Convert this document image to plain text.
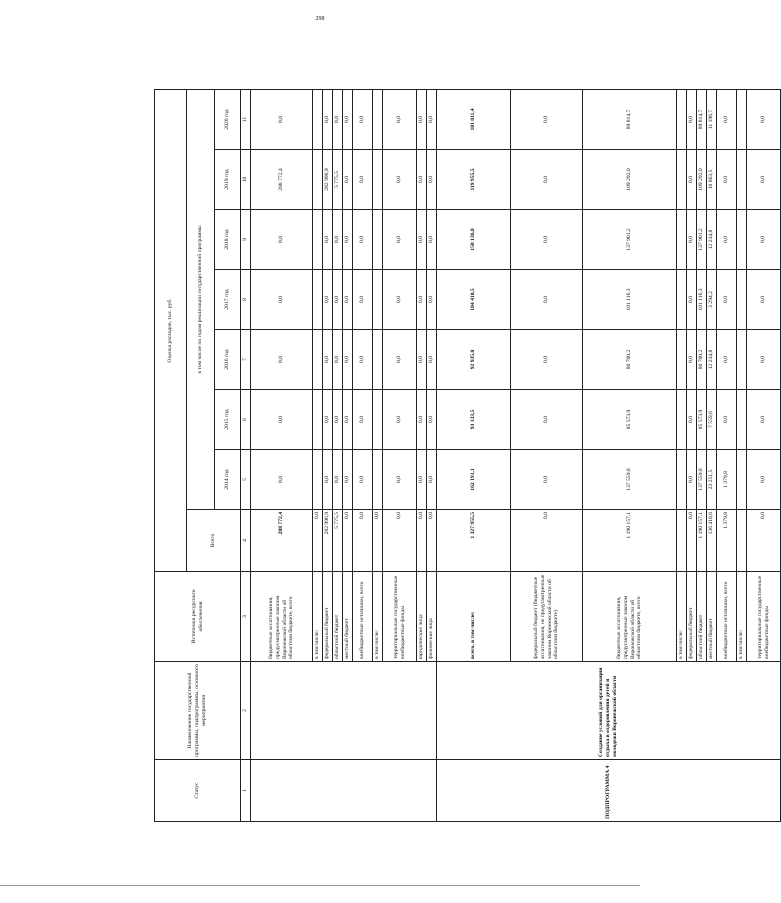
298
Статус	Наименование государственной программы, подпрограммы, основного мероприятия	Источники ресурсного обеспечения	Оценка расходов, тыс. руб.							
			Всего	в том числе по годам реализации государственной программы						
				2014 год	2015 год	2016 год	2017 год	2018 год	2019 год	2020 год
1	2	3	4	5	6	7	8	9	10	11
		бюджетные ассигнования, предусмотренные законом Воронежской области об областном бюджете, всего	288 772,4	0,0	0,0	0,0	0,0	0,0	288 772,4	0,0
		в том числе:	0,0							
		федеральный бюджет	282 996,9	0,0	0,0	0,0	0,0	0,0	282 996,9	0,0
		областной бюджет	5 775,5	0,0	0,0	0,0	0,0	0,0	5 775,5	0,0
		местный бюджет	0,0	0,0	0,0	0,0	0,0	0,0	0,0	0,0
		внебюджетные источники, всего	0,0	0,0	0,0	0,0	0,0	0,0	0,0	0,0
		в том числе:	0,0							
		территориальные государственные внебюджетные фонды	0,0	0,0	0,0	0,0	0,0	0,0	0,0	0,0
		юридические лица	0,0	0,0	0,0	0,0	0,0	0,0	0,0	0,0
		физические лица	0,0	0,0	0,0	0,0	0,0	0,0	0,0	0,0
ПОДПРОГРАММА 4	Создание условий для организации отдыха и оздоровления детей и молодежи Воронежской области	всего, в том числе:	1 327 955,5	162 191,1	93 133,5	92 935,0	104 410,5	150 136,0	119 955,5	101 011,4
		федеральный бюджет (бюджетные ассигнования, не предусмотренные законом Воронежской области об областном бюджете)	0,0	0,0	0,0	0,0	0,0	0,0	0,0	0,0
		бюджетные ассигнования, предусмотренные законом Воронежской области об областном бюджете, всего	1 190 157,1	137 559,8	85 573,9	80 700,2	101 116,3	137 901,2	109 292,0	89 814,7
		в том числе:								
		федеральный бюджет	0,0	0,0	0,0	0,0	0,0	0,0	0,0	0,0
		областной бюджет	1 190 157,1	137 559,8	85 573,9	80 700,2	101 116,3	137 901,2	109 292,0	89 814,7
		местный бюджет	136 418,6	23 251,5	7 559,6	12 234,8	3 294,2	12 234,8	10 663,5	11 196,7
		внебюджетные источники, всего	1 379,8	1 379,8	0,0	0,0	0,0	0,0	0,0	0,0
		в том числе:								
		территориальные государственные внебюджетные фонды	0,0	0,0	0,0	0,0	0,0	0,0	0,0	0,0
